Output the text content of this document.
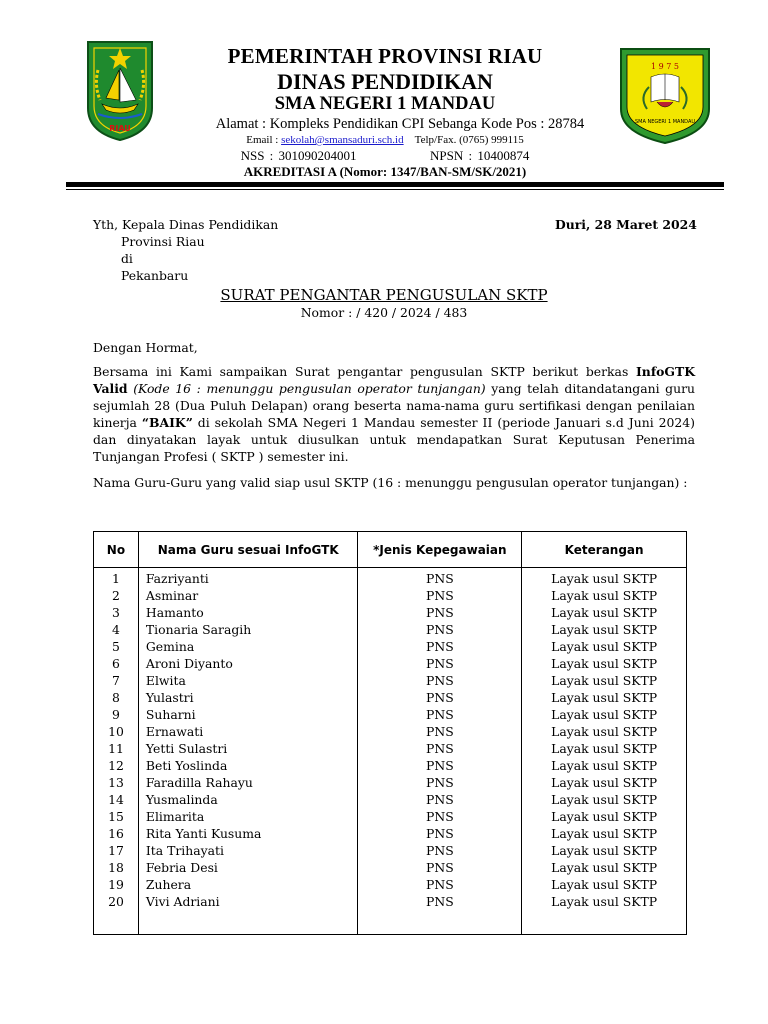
RIAU
1 9 7 5
SMA NEGERI 1 MANDAU
PEMERINTAH PROVINSI RIAU
DINAS PENDIDIKAN
SMA NEGERI 1 MANDAU
Alamat : Kompleks Pendidikan CPI Sebanga Kode Pos : 28784
Email : sekolah@smansaduri.sch.id Telp/Fax. (0765) 999115
NSS : 301090204001	NPSN : 10400874
AKREDITASI A (Nomor: 1347/BAN-SM/SK/2021)
Yth, Kepala Dinas Pendidikan	Duri, 28 Maret 2024
Provinsi Riau
di
Pekanbaru
SURAT PENGANTAR PENGUSULAN SKTP
Nomor : / 420 / 2024 / 483
Dengan Hormat,
Bersama ini Kami sampaikan Surat pengantar pengusulan SKTP berikut berkas InfoGTK Valid (Kode 16 : menunggu pengusulan operator tunjangan) yang telah ditandatangani guru sejumlah 28 (Dua Puluh Delapan) orang beserta nama-nama guru sertifikasi dengan penilaian kinerja “BAIK” di sekolah SMA Negeri 1 Mandau semester II (periode Januari s.d Juni 2024) dan dinyatakan layak untuk diusulkan untuk mendapatkan Surat Keputusan Penerima Tunjangan Profesi ( SKTP ) semester ini.
Nama Guru-Guru yang valid siap usul SKTP (16 : menunggu pengusulan operator tunjangan) :
No	Nama Guru sesuai InfoGTK	*Jenis Kepegawaian	Keterangan
1	Fazriyanti	PNS	Layak usul SKTP
2	Asminar	PNS	Layak usul SKTP
3	Hamanto	PNS	Layak usul SKTP
4	Tionaria Saragih	PNS	Layak usul SKTP
5	Gemina	PNS	Layak usul SKTP
6	Aroni Diyanto	PNS	Layak usul SKTP
7	Elwita	PNS	Layak usul SKTP
8	Yulastri	PNS	Layak usul SKTP
9	Suharni	PNS	Layak usul SKTP
10	Ernawati	PNS	Layak usul SKTP
11	Yetti Sulastri	PNS	Layak usul SKTP
12	Beti Yoslinda	PNS	Layak usul SKTP
13	Faradilla Rahayu	PNS	Layak usul SKTP
14	Yusmalinda	PNS	Layak usul SKTP
15	Elimarita	PNS	Layak usul SKTP
16	Rita Yanti Kusuma	PNS	Layak usul SKTP
17	Ita Trihayati	PNS	Layak usul SKTP
18	Febria Desi	PNS	Layak usul SKTP
19	Zuhera	PNS	Layak usul SKTP
20	Vivi Adriani	PNS	Layak usul SKTP
